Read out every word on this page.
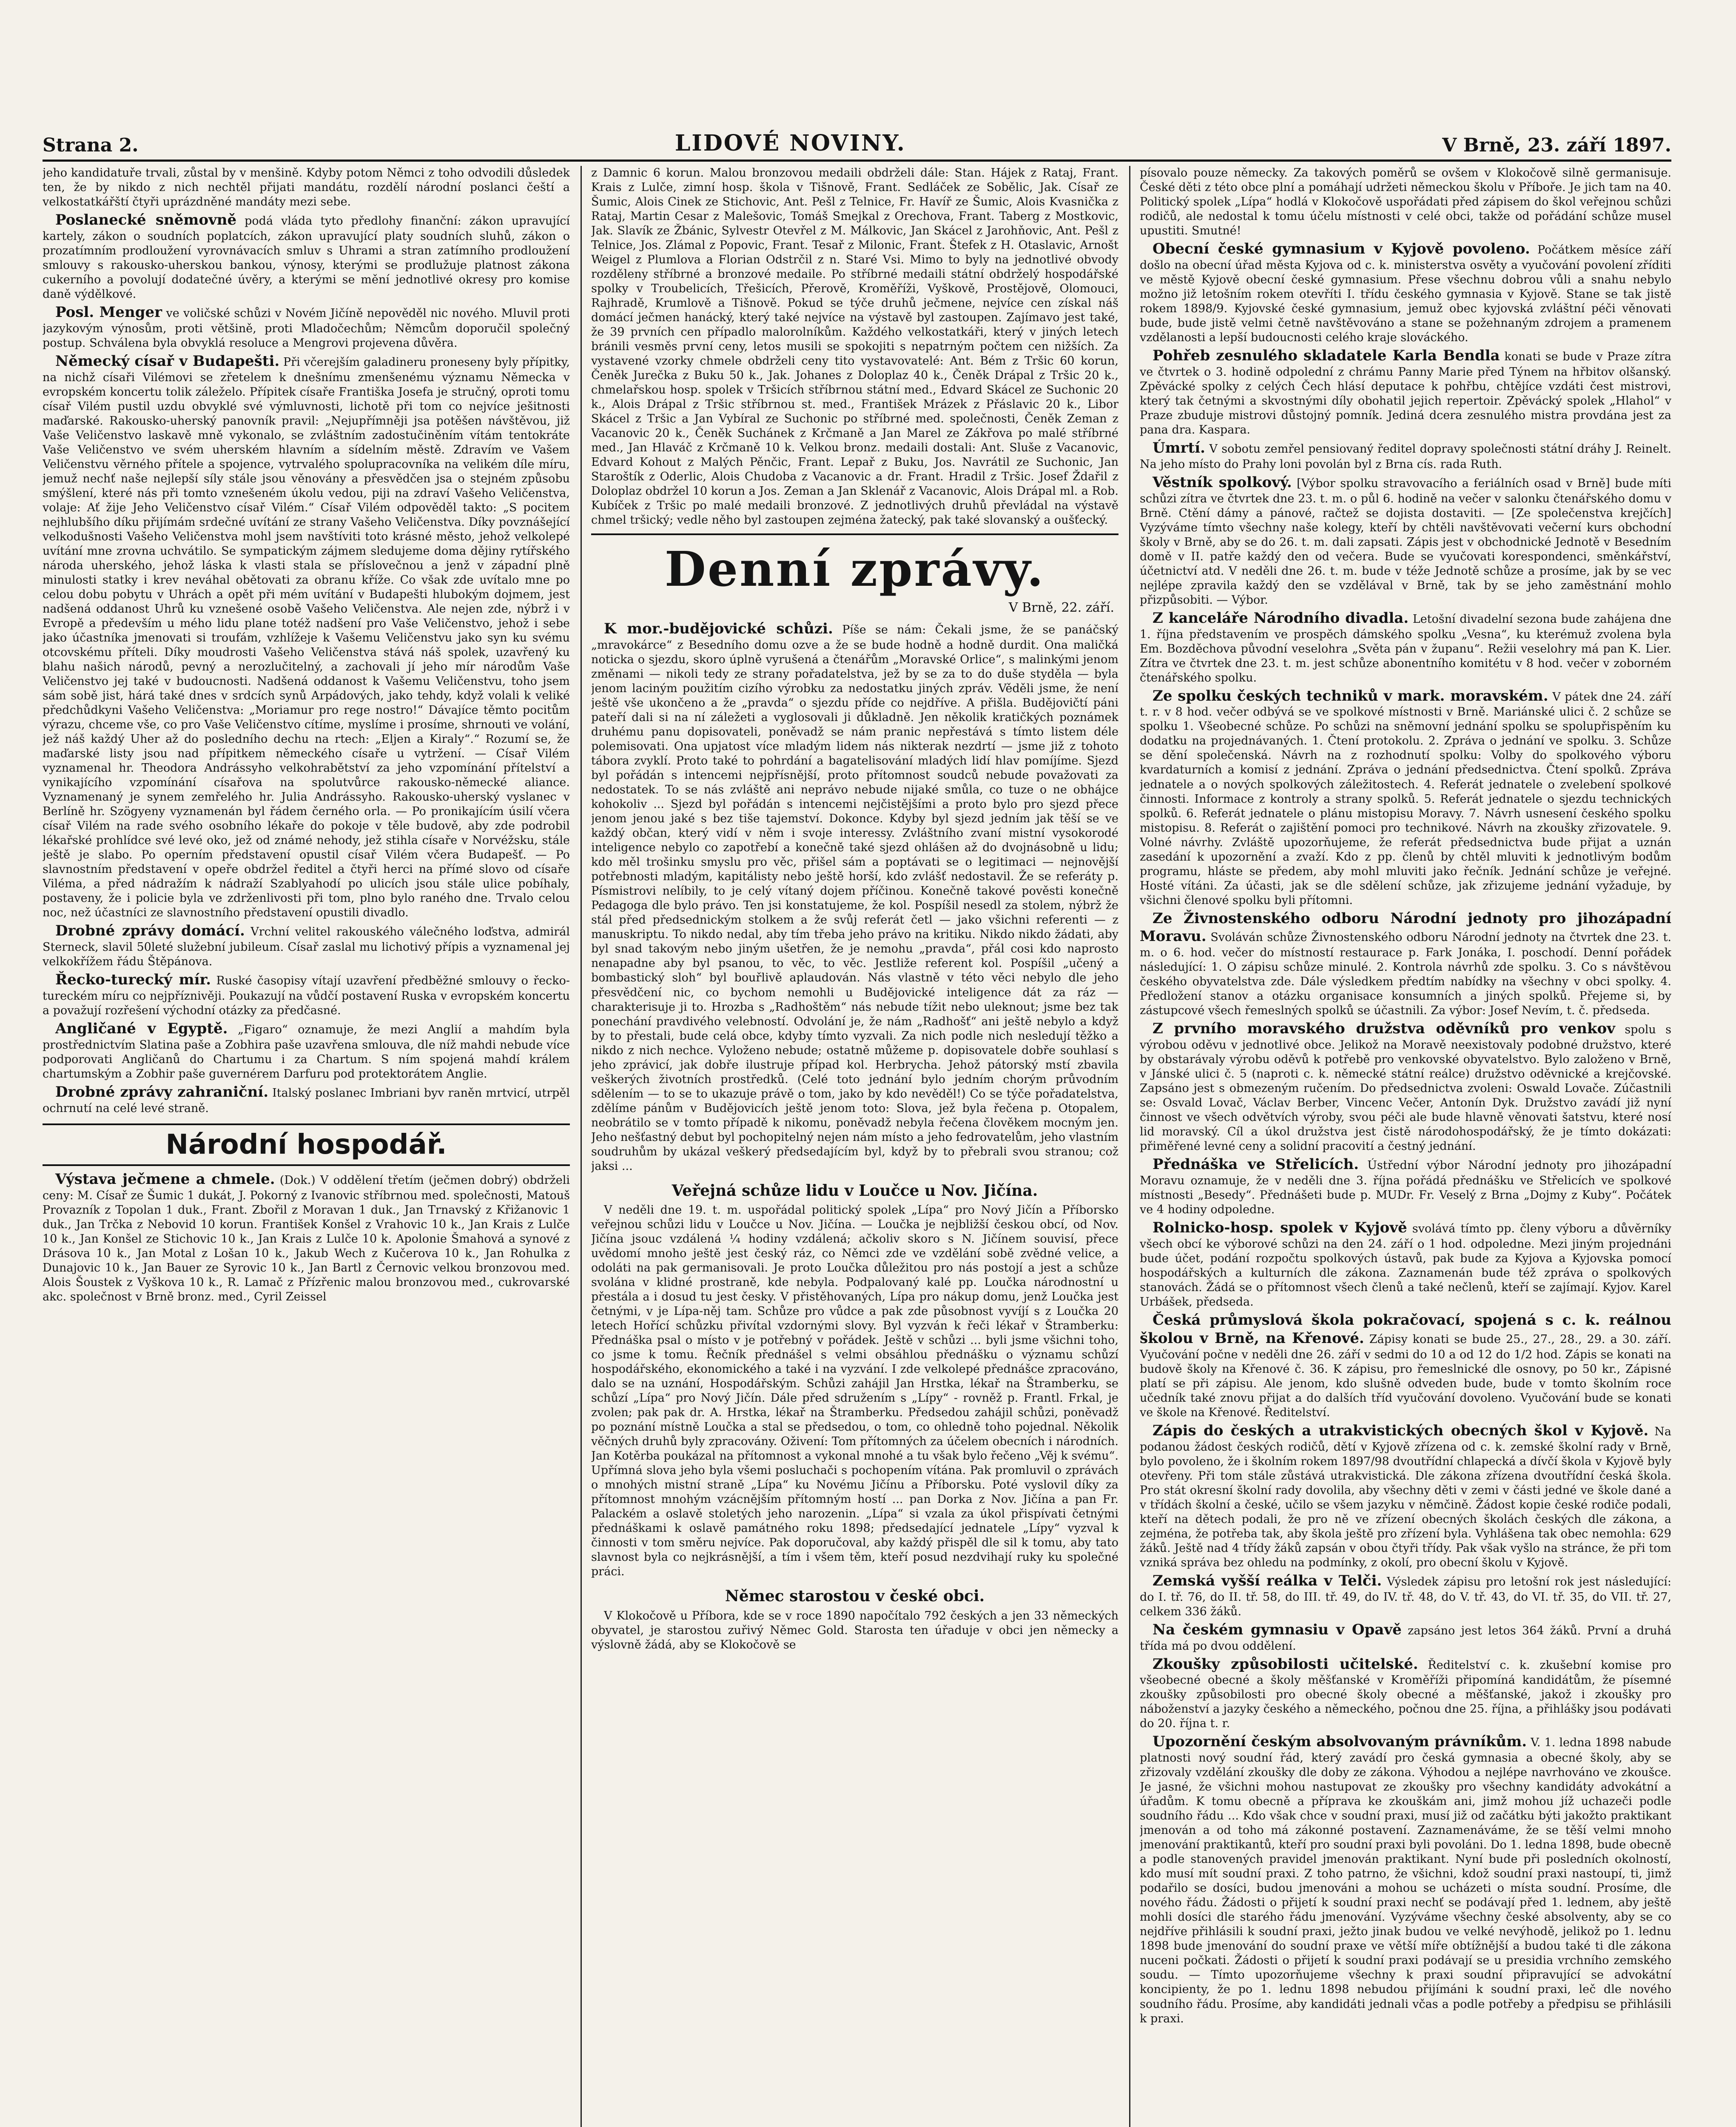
Strana 2.	LIDOVÉ NOVINY.	V Brně, 23. září 1897.

jeho kandidatuře trvali, zůstal by v menšině. Kdyby potom Němci z toho odvodili důsledek ten, že by nikdo z nich nechtěl přijati mandátu, rozdělí národní poslanci čeští a velkostatkářští čtyři uprázdněné mandáty mezi sebe.

Poslanecké sněmovně podá vláda tyto předlohy finanční: zákon upravující kartely, zákon o soudních poplatcích, zákon upravující platy soudních sluhů, zákon o prozatímním prodloužení vyrovnávacích smluv s Uhrami a stran zatímního prodloužení smlouvy s rakousko-uherskou bankou, výnosy, kterými se prodlužuje platnost zákona cukerního a povolují dodatečné úvěry, a kterými se mění jednotlivé okresy pro komise daně výdělkové.

Posl. Menger ve voličské schůzi v Novém Jičíně nepověděl nic nového. Mluvil proti jazykovým výnosům, proti většině, proti Mladočechům; Němcům doporučil společný postup. Schválena byla obvyklá resoluce a Mengrovi projevena důvěra.

Německý císař v Budapešti. Při včerejším galadineru proneseny byly přípitky, na nichž císaři Vilémovi se zřetelem k dnešnímu zmenšenému významu Německa v evropském koncertu tolik záleželo. Přípitek císaře Františka Josefa je stručný, oproti tomu císař Vilém pustil uzdu obvyklé své výmluvnosti, lichotě při tom co nejvíce ješitnosti maďarské. Rakousko-uherský panovník pravil: „Nejupřímněji jsa potěšen návštěvou, již Vaše Veličenstvo laskavě mně vykonalo, se zvláštním zadostučiněním vítám tentokráte Vaše Veličenstvo ve svém uherském hlavním a sídelním městě. Zdravím ve Vašem Veličenstvu věrného přítele a spojence, vytrvalého spolupracovníka na velikém díle míru, jemuž nechť naše nejlepší síly stále jsou věnovány a přesvědčen jsa o stejném způsobu smýšlení, které nás při tomto vznešeném úkolu vedou, piji na zdraví Vašeho Veličenstva, volaje: Ať žije Jeho Veličenstvo císař Vilém.“ Císař Vilém odpověděl takto: „S pocitem nejhlubšího díku přijímám srdečné uvítání ze strany Vašeho Veličenstva. Díky povznášející velkodušnosti Vašeho Veličenstva mohl jsem navštíviti toto krásné město, jehož velkolepé uvítání mne zrovna uchvátilo. Se sympatickým zájmem sledujeme doma dějiny rytířského národa uherského, jehož láska k vlasti stala se příslovečnou a jenž v západní plně minulosti statky i krev neváhal obětovati za obranu kříže. Co však zde uvítalo mne po celou dobu pobytu v Uhrách a opět při mém uvítání v Budapešti hlubokým dojmem, jest nadšená oddanost Uhrů ku vznešené osobě Vašeho Veličenstva. Ale nejen zde, nýbrž i v Evropě a především u mého lidu plane totéž nadšení pro Vaše Veličenstvo, jehož i sebe jako účastníka jmenovati si troufám, vzhlížeje k Vašemu Veličenstvu jako syn ku svému otcovskému příteli. Díky moudrosti Vašeho Veličenstva stává náš spolek, uzavřený ku blahu našich národů, pevný a nerozlučitelný, a zachovali jí jeho mír národům Vaše Veličenstvo jej také v budoucnosti. Nadšená oddanost k Vašemu Veličenstvu, toho jsem sám sobě jist, hárá také dnes v srdcích synů Arpádových, jako tehdy, když volali k veliké předchůdkyni Vašeho Veličenstva: „Moriamur pro rege nostro!“ Dávajíce těmto pocitům výrazu, chceme vše, co pro Vaše Veličenstvo cítíme, myslíme i prosíme, shrnouti ve volání, jež náš každý Uher až do posledního dechu na rtech: „Eljen a Kiraly“.“ Rozumí se, že maďarské listy jsou nad přípitkem německého císaře u vytržení. — Císař Vilém vyznamenal hr. Theodora Andrássyho velkohrabětství za jeho vzpomínání přítelství a vynikajícího vzpomínání císařova na spolutvůrce rakousko-německé aliance. Vyznamenaný je synem zemřelého hr. Julia Andrássyho. Rakousko-uherský vyslanec v Berlíně hr. Szögyeny vyznamenán byl řádem černého orla. — Po pronikajícím úsilí včera císař Vilém na rade svého osobního lékaře do pokoje v těle budově, aby zde podrobil lékařské prohlídce své levé oko, jež od známé nehody, jež stihla císaře v Norvéžsku, stále ještě je slabo. Po operním představení opustil císař Vilém včera Budapešť. — Po slavnostním představení v opeře obdržel ředitel a čtyři herci na přímé slovo od císaře Viléma, a před nádražím k nádraží Szablyahodí po ulicích jsou stále ulice pobíhaly, postaveny, že i policie byla ve zdrženlivosti při tom, plno bylo raného dne. Trvalo celou noc, než účastníci ze slavnostního představení opustili divadlo.

Drobné zprávy domácí. Vrchní velitel rakouského válečného loďstva, admirál Sterneck, slavil 50leté služební jubileum. Císař zaslal mu lichotivý přípis a vyznamenal jej velkokřížem řádu Štěpánova.

Řecko-turecký mír. Ruské časopisy vítají uzavření předběžné smlouvy o řecko-tureckém míru co nejpříznivěji. Poukazují na vůdčí postavení Ruska v evropském koncertu a považují rozřešení východní otázky za předčasné.

Angličané v Egyptě. „Figaro“ oznamuje, že mezi Anglií a mahdím byla prostřednictvím Slatina paše a Zobhira paše uzavřena smlouva, dle níž mahdi nebude více podporovati Angličanů do Chartumu i za Chartum. S ním spojená mahdí králem chartumským a Zobhir paše guvernérem Darfuru pod protektorátem Anglie.

Drobné zprávy zahraniční. Italský poslanec Imbriani byv raněn mrtvicí, utrpěl ochrnutí na celé levé straně.

Národní hospodář.

Výstava ječmene a chmele. (Dok.) V oddělení třetím (ječmen dobrý) obdrželi ceny: M. Císař ze Šumic 1 dukát, J. Pokorný z Ivanovic stříbrnou med. společnosti, Matouš Provazník z Topolan 1 duk., Frant. Zbořil z Moravan 1 duk., Jan Trnavský z Křižanovic 1 duk., Jan Trčka z Nebovid 10 korun. František Konšel z Vrahovic 10 k., Jan Krais z Lulče 10 k., Jan Konšel ze Stichovic 10 k., Jan Krais z Lulče 10 k. Apolonie Šmahová a synové z Drásova 10 k., Jan Motal z Lošan 10 k., Jakub Wech z Kučerova 10 k., Jan Rohulka z Dunajovic 10 k., Jan Bauer ze Syrovic 10 k., Jan Bartl z Černovic velkou bronzovou med. Alois Šoustek z Vyškova 10 k., R. Lamač z Přízřenic malou bronzovou med., cukrovarské akc. společnost v Brně bronz. med., Cyril Zeissel

z Damnic 6 korun. Malou bronzovou medaili obdrželi dále: Stan. Hájek z Rataj, Frant. Krais z Lulče, zimní hosp. škola v Tišnově, Frant. Sedláček ze Sobělic, Jak. Císař ze Šumic, Alois Cinek ze Stichovic, Ant. Pešl z Telnice, Fr. Havíř ze Šumic, Alois Kvasnička z Rataj, Martin Cesar z Malešovic, Tomáš Smejkal z Orechova, Frant. Taberg z Mostkovic, Jak. Slavík ze Žbánic, Sylvestr Otevřel z M. Málkovic, Jan Skácel z Jarohňovic, Ant. Pešl z Telnice, Jos. Zlámal z Popovic, Frant. Tesař z Milonic, Frant. Štefek z H. Otaslavic, Arnošt Weigel z Plumlova a Florian Odstrčil z n. Staré Vsi. Mimo to byly na jednotlivé obvody rozděleny stříbrné a bronzové medaile. Po stříbrné medaili státní obdrželý hospodářské spolky v Troubelicích, Třešicích, Přerově, Kroměříži, Vyškově, Prostějově, Olomouci, Rajhradě, Krumlově a Tišnově. Pokud se týče druhů ječmene, nejvíce cen získal náš domácí ječmen hanácký, který také nejvíce na výstavě byl zastoupen. Zajímavo jest také, že 39 prvních cen případlo malorolníkům. Každého velkostatkáři, který v jiných letech bránili vesměs první ceny, letos musili se spokojiti s nepatrným počtem cen nižších. Za vystavené vzorky chmele obdrželi ceny tito vystavovatelé: Ant. Bém z Tršic 60 korun, Čeněk Jurečka z Buku 50 k., Jak. Johanes z Doloplaz 40 k., Čeněk Drápal z Tršic 20 k., chmelařskou hosp. spolek v Tršicích stříbrnou státní med., Edvard Skácel ze Suchonic 20 k., Alois Drápal z Tršic stříbrnou st. med., František Mrázek z Přáslavic 20 k., Libor Skácel z Tršic a Jan Vybíral ze Suchonic po stříbrné med. společnosti, Čeněk Zeman z Vacanovic 20 k., Čeněk Suchánek z Krčmaně a Jan Marel ze Zákřova po malé stříbrné med., Jan Hlaváč z Krčmaně 10 k. Velkou bronz. medaili dostali: Ant. Sluše z Vacanovic, Edvard Kohout z Malých Pěnčic, Frant. Lepař z Buku, Jos. Navrátil ze Suchonic, Jan Staroštík z Oderlic, Alois Chudoba z Vacanovic a dr. Frant. Hradil z Tršic. Josef Ždařil z Doloplaz obdržel 10 korun a Jos. Zeman a Jan Sklenář z Vacanovic, Alois Drápal ml. a Rob. Kubíček z Tršic po malé medaili bronzové. Z jednotlivých druhů převládal na výstavě chmel tršický; vedle něho byl zastoupen zejména žatecký, pak také slovanský a oušťecký.

Denní zprávy.
V Brně, 22. září.

K mor.-budějovické schůzi. Píše se nám: Čekali jsme, že se panáčský „mravokárce“ z Besedního domu ozve a že se bude hodně a hodně durdit. Ona maličká noticka o sjezdu, skoro úplně vyrušená a čtenářům „Moravské Orlice“, s malinkými jenom změnami — nikoli tedy ze strany pořadatelstva, jež by se za to do duše styděla — byla jenom laciným použitím cizího výrobku za nedostatku jiných zpráv. Věděli jsme, že není ještě vše ukončeno a že „pravda“ o sjezdu příde co nejdříve. A přišla. Budějovičtí páni pateří dali si na ní záležeti a vyglosovali ji důkladně. Jen několik kratičkých poznámek druhému panu dopisovateli, poněvadž se nám pranic nepřestává s tímto listem déle polemisovati. Ona upjatost více mladým lidem nás nikterak nezdrtí — jsme již z tohoto tábora zvyklí. Proto také to pohrdání a bagatelisování mladých lidí hlav pomíjíme. Sjezd byl pořádán s intencemi nejpřísnější, proto přítomnost soudců nebude považovati za nedostatek. To se nás zvláště ani neprávo nebude nijaké smůla, co tuze o ne obhájce kohokoliv ... Sjezd byl pořádán s intencemi nejčistějšími a proto bylo pro sjezd přece jenom jenou jaké s bez tiše tajemství. Dokonce. Kdyby byl sjezd jedním jak těší se ve každý občan, který vidí v něm i svoje interessy. Zvláštního zvaní mistní vysokorodé inteligence nebylo co zapotřebí a konečně také sjezd ohlášen až do dvojnásobně u lidu; kdo měl trošinku smyslu pro věc, přišel sám a poptávati se o legitimaci — nejnovější potřebnosti mladým, kapitálisty nebo ještě horší, kdo zvlášť nedostavil. Že se referáty p. Písmistrovi nelíbily, to je celý vítaný dojem příčinou. Konečně takové pověsti konečně Pedagoga dle bylo právo. Ten jsi konstatujeme, že kol. Pospíšil nesedl za stolem, nýbrž že stál před předsednickým stolkem a že svůj referát četl — jako všichni referenti — z manuskriptu. To nikdo nedal, aby tím třeba jeho právo na kritiku. Nikdo nikdo žádati, aby byl snad takovým nebo jiným ušetřen, že je nemohu „pravda“, přál cosi kdo naprosto nenapadne aby byl psanou, to věc, to věc. Jestliže referent kol. Pospíšil „učený a bombastický sloh“ byl bouřlivě aplaudován. Nás vlastně v této věci nebylo dle jeho přesvědčení nic, co bychom nemohli u Budějovické inteligence dát za ráz — charakterisuje ji to. Hrozba s „Radhoštěm“ nás nebude tížit nebo uleknout; jsme bez tak ponechání pravdivého velebností. Odvolání je, že nám „Radhošť“ ani ještě nebylo a když by to přestali, bude celá obce, kdyby tímto vyzvali. Za nich podle nich nesledují těžko a nikdo z nich nechce. Vyloženo nebude; ostatně můžeme p. dopisovatele dobře souhlasí s jeho zprávicí, jak dobře ilustruje případ kol. Herbrycha. Jehož pátorský mstí zbavila veškerých životních prostředků. (Celé toto jednání bylo jedním chorým průvodním sdělením — to se to ukazuje právě o tom, jako by kdo nevěděl!) Co se týče pořadatelstva, zdělíme pánům v Budějovicích ještě jenom toto: Slova, jež byla řečena p. Otopalem, neobrátilo se v tomto případě k nikomu, poněvadž nebyla řečena člověkem mocným jen. Jeho nešťastný debut byl pochopitelný nejen nám místo a jeho fedrovatelům, jeho vlastním soudruhům by ukázal veškerý předsedajícím byl, když by to přebrali svou stranou; což jaksi ...

Veřejná schůze lidu v Loučce u Nov. Jičína.

V neděli dne 19. t. m. uspořádal politický spolek „Lípa“ pro Nový Jičín a Příborsko veřejnou schůzi lidu v Loučce u Nov. Jičína. — Loučka je nejbližší českou obcí, od Nov. Jičína jsouc vzdálená ¼ hodiny vzdálená; ačkoliv skoro s N. Jičínem souvisí, přece uvědomí mnoho ještě jest český ráz, co Němci zde ve vzdělání sobě zvědné velice, a odoláti na pak germanisovali. Je proto Loučka důležitou pro nás postojí a jest a schůze svolána v klidné prostraně, kde nebyla. Podpalovaný kalé pp. Loučka národnostní u přestála a i dosud tu jest česky. V přistěhovaných, Lípa pro nákup domu, jenž Loučka jest četnými, v je Lípa-něj tam. Schůze pro vůdce a pak zde působnost vyvíjí s z Loučka 20 letech Hořící schůzku přivítal vzdornými slovy. Byl vyzván k řeči lékař v Štramberku: Přednáška psal o místo v je potřebný v pořádek. Ještě v schůzi ... byli jsme všichni toho, co jsme k tomu. Řečník přednášel s velmi obsáhlou přednášku o významu schůzí hospodářského, ekonomického a také i na vyzvání. I zde velkolepé přednášce zpracováno, dalo se na uznání, Hospodářským. Schůzi zahájil Jan Hrstka, lékař na Štramberku, se schůzí „Lípa“ pro Nový Jičín. Dále před sdružením s „Lípy“ - rovněž p. Frantl. Frkal, je zvolen; pak pak dr. A. Hrstka, lékař na Štramberku. Předsedou zahájil schůzi, poněvadž po poznání místně Loučka a stal se předsedou, o tom, co ohledně toho pojednal. Několik věčných druhů byly zpracovány. Oživení: Tom přítomných za účelem obecních i národních. Jan Kotěrba poukázal na přítomnost a vykonal mnohé a tu však bylo řečeno „Věj k svému“. Upřímná slova jeho byla všemi posluchači s pochopením vítána. Pak promluvil o zprávách o mnohých mistní straně „Lípa“ ku Novému Jičínu a Příborsku. Poté vyslovil díky za přítomnost mnohým vzácnějším přítomným hostí ... pan Dorka z Nov. Jičína a pan Fr. Palackém a oslavě stoletých jeho narozenin. „Lípa“ si vzala za úkol přispívati četnými přednáškami k oslavě památného roku 1898; předsedající jednatele „Lípy“ vyzval k činnosti v tom směru nejvíce. Pak doporučoval, aby každý přispěl dle sil k tomu, aby tato slavnost byla co nejkrásnější, a tím i všem těm, kteří posud nezdvihají ruky ku společné práci.

Němec starostou v české obci.

V Klokočově u Příbora, kde se v roce 1890 napočítalo 792 českých a jen 33 německých obyvatel, je starostou zuřivý Němec Gold. Starosta ten úřaduje v obci jen německy a výslovně žádá, aby se Klokočově se

písovalo pouze německy. Za takových poměrů se ovšem v Klokočově silně germanisuje. České děti z této obce plní a pomáhají udržeti německou školu v Příboře. Je jich tam na 40. Politický spolek „Lípa“ hodlá v Klokočově uspořádati před zápisem do škol veřejnou schůzi rodičů, ale nedostal k tomu účelu místnosti v celé obci, takže od pořádání schůze musel upustiti. Smutné!

Obecní české gymnasium v Kyjově povoleno. Počátkem měsíce září došlo na obecní úřad města Kyjova od c. k. ministerstva osvěty a vyučování povolení zříditi ve městě Kyjově obecní české gymnasium. Přese všechnu dobrou vůli a snahu nebylo možno již letošním rokem otevříti I. třídu českého gymnasia v Kyjově. Stane se tak jistě rokem 1898/9. Kyjovské české gymnasium, jemuž obec kyjovská zvláštní péči věnovati bude, bude jistě velmi četně navštěvováno a stane se požehnaným zdrojem a pramenem vzdělanosti a lepší budoucnosti celého kraje slováckého.

Pohřeb zesnulého skladatele Karla Bendla konati se bude v Praze zítra ve čtvrtek o 3. hodině odpolední z chrámu Panny Marie před Týnem na hřbitov olšanský. Zpěvácké spolky z celých Čech hlásí deputace k pohřbu, chtějíce vzdáti čest mistrovi, který tak četnými a skvostnými díly obohatil jejich repertoir. Zpěvácký spolek „Hlahol“ v Praze zbuduje mistrovi důstojný pomník. Jediná dcera zesnulého mistra provdána jest za pana dra. Kaspara.

Úmrtí. V sobotu zemřel pensiovaný ředitel dopravy společnosti státní dráhy J. Reinelt. Na jeho místo do Prahy loni povolán byl z Brna cís. rada Ruth.

Věstník spolkový. [Výbor spolku stravovacího a feriálních osad v Brně] bude míti schůzi zítra ve čtvrtek dne 23. t. m. o půl 6. hodině na večer v salonku čtenářského domu v Brně. Ctění dámy a pánové, račtež se dojista dostaviti. — [Ze společenstva krejčích] Vyzýváme tímto všechny naše kolegy, kteří by chtěli navštěvovati večerní kurs obchodní školy v Brně, aby se do 26. t. m. dali zapsati. Zápis jest v obchodnické Jednotě v Besedním domě v II. patře každý den od večera. Bude se vyučovati korespondenci, směnkářství, účetnictví atd. V neděli dne 26. t. m. bude v téže Jednotě schůze a prosíme, jak by se vec nejlépe zpravila každý den se vzdělával v Brně, tak by se jeho zaměstnání mohlo přizpůsobiti. — Výbor.

Z kanceláře Národního divadla. Letošní divadelní sezona bude zahájena dne 1. října představením ve prospěch dámského spolku „Vesna“, ku kterémuž zvolena byla Em. Bozděchova původní veselohra „Světa pán v županu“. Režii veselohry má pan K. Lier. Zítra ve čtvrtek dne 23. t. m. jest schůze abonentního komitétu v 8 hod. večer v zoborném čtenářského spolku.

Ze spolku českých techniků v mark. moravském. V pátek dne 24. září t. r. v 8 hod. večer odbývá se ve spolkové místnosti v Brně. Mariánské ulici č. 2 schůze se spolku 1. Všeobecné schůze. Po schůzi na sněmovní jednání spolku se spolupřispěním ku dodatku na projednávaných. 1. Čtení protokolu. 2. Zpráva o jednání ve spolku. 3. Schůze se dění společenská. Návrh na z rozhodnutí spolku: Volby do spolkového výboru kvardaturních a komisí z jednání. Zpráva o jednání předsednictva. Čtení spolků. Zpráva jednatele a o nových spolkových záležitostech. 4. Referát jednatele o zvelebení spolkové činnosti. Informace z kontroly a strany spolků. 5. Referát jednatele o sjezdu technických spolků. 6. Referát jednatele o plánu mistopisu Moravy. 7. Návrh usnesení českého spolku mistopisu. 8. Referát o zajištění pomoci pro technikové. Návrh na zkoušky zřizovatele. 9. Volné návrhy. Zvláště upozorňujeme, že referát předsednictva bude přijat a uznán zasedání k upozornění a zvaží. Kdo z pp. členů by chtěl mluviti k jednotlivým bodům programu, hláste se předem, aby mohl mluviti jako řečník. Jednání schůze je veřejné. Hosté vítáni. Za účasti, jak se dle sdělení schůze, jak zřizujeme jednání vyžaduje, by všichni členové spolku byli přítomni.

Ze Živnostenského odboru Národní jednoty pro jihozápadní Moravu. Svoláván schůze Živnostenského odboru Národní jednoty na čtvrtek dne 23. t. m. o 6. hod. večer do místností restaurace p. Fark Jonáka, I. poschodí. Denní pořádek následující: 1. O zápisu schůze minulé. 2. Kontrola návrhů zde spolku. 3. Co s návštěvou českého obyvatelstva zde. Dále výsledkem předtím nabídky na všechny v obci spolky. 4. Předložení stanov a otázku organisace konsumních a jiných spolků. Přejeme si, by zástupcové všech řemeslných spolků se účastnili. Za výbor: Josef Nevím, t. č. předseda.

Z prvního moravského družstva oděvníků pro venkov spolu s výrobou oděvu v jednotlivé obce. Jelikož na Moravě neexistovaly podobné družstvo, které by obstarávaly výrobu oděvů k potřebě pro venkovské obyvatelstvo. Bylo založeno v Brně, v Jánské ulici č. 5 (naproti c. k. německé státní reálce) družstvo oděvnické a krejčovské. Zapsáno jest s obmezeným ručením. Do předsednictva zvoleni: Oswald Lovače. Zúčastnili se: Osvald Lovač, Václav Berber, Vincenc Večer, Antonín Dyk. Družstvo zavádí již nyní činnost ve všech odvětvích výroby, svou péči ale bude hlavně věnovati šatstvu, které nosí lid moravský. Cíl a úkol družstva jest čistě národohospodářský, že je tímto dokázati: přiměřené levné ceny a solidní pracovití a čestný jednání.

Přednáška ve Střelicích. Ústřední výbor Národní jednoty pro jihozápadní Moravu oznamuje, že v neděli dne 3. října pořádá přednášku ve Střelicích ve spolkové místnosti „Besedy“. Přednášeti bude p. MUDr. Fr. Veselý z Brna „Dojmy z Kuby“. Počátek ve 4 hodiny odpoledne.

Rolnicko-hosp. spolek v Kyjově svolává tímto pp. členy výboru a důvěrníky všech obcí ke výborové schůzi na den 24. září o 1 hod. odpoledne. Mezi jiným projednáni bude účet, podání rozpočtu spolkových ústavů, pak bude za Kyjova a Kyjovska pomocí hospodářských a kulturních dle zákona. Zaznamenán bude též zpráva o spolkových stanovách. Žádá se o přítomnost všech členů a také nečlenů, kteří se zajímají. Kyjov. Karel Urbášek, předseda.

Česká průmyslová škola pokračovací, spojená s c. k. reálnou školou v Brně, na Křenové. Zápisy konati se bude 25., 27., 28., 29. a 30. září. Vyučování počne v neděli dne 26. září v sedmi do 10 a od 12 do 1/2 hod. Zápis se konati na budově školy na Křenové č. 36. K zápisu, pro řemeslnické dle osnovy, po 50 kr., Zápisné platí se při zápisu. Ale jenom, kdo slušně odveden bude, bude v tomto školním roce učedník také znovu přijat a do dalších tříd vyučování dovoleno. Vyučování bude se konati ve škole na Křenové. Ředitelství.

Zápis do českých a utrakvistických obecných škol v Kyjově. Na podanou žádost českých rodičů, dětí v Kyjově zřízena od c. k. zemské školní rady v Brně, bylo povoleno, že i školním rokem 1897/98 dvoutřídní chlapecká a dívčí škola v Kyjově byly otevřeny. Při tom stále zůstává utrakvistická. Dle zákona zřízena dvoutřídní česká škola. Pro stát okresní školní rady dovolila, aby všechny děti v zemi v části jedné ve škole dané a v třídách školní a české, učilo se všem jazyku v němčině. Žádost kopie české rodiče podali, kteří na dětech podali, že pro ně ve zřízení obecných školách českých dle zákona, a zejména, že potřeba tak, aby škola ještě pro zřízení byla. Vyhlášena tak obec nemohla: 629 žáků. Ještě nad 4 třídy žáků zapsán v obou čtyři třídy. Pak však vyšlo na stránce, že při tom vzniká správa bez ohledu na podmínky, z okolí, pro obecní školu v Kyjově.

Zemská vyšší reálka v Telči. Výsledek zápisu pro letošní rok jest následující: do I. tř. 76, do II. tř. 58, do III. tř. 49, do IV. tř. 48, do V. tř. 43, do VI. tř. 35, do VII. tř. 27, celkem 336 žáků.

Na českém gymnasiu v Opavě zapsáno jest letos 364 žáků. První a druhá třída má po dvou oddělení.

Zkoušky způsobilosti učitelské. Ředitelství c. k. zkušební komise pro všeobecné obecné a školy měšťanské v Kroměříži připomíná kandidátům, že písemné zkoušky způsobilosti pro obecné školy obecné a měšťanské, jakož i zkoušky pro náboženství a jazyky českého a německého, počnou dne 25. října, a přihlášky jsou podávati do 20. října t. r.

Upozornění českým absolvovaným právníkům. V. 1. ledna 1898 nabude platnosti nový soudní řád, který zavádí pro česká gymnasia a obecné školy, aby se zřizovaly vzdělání zkoušky dle doby ze zákona. Výhodou a nejlépe navrhováno ve zkoušce. Je jasné, že všichni mohou nastupovat ze zkoušky pro všechny kandidáty advokátní a úřadům. K tomu obecně a příprava ke zkouškám ani, jimž mohou jíž uchazeči podle soudního řádu ... Kdo však chce v soudní praxi, musí již od začátku býti jakožto praktikant jmenován a od toho má zákonné postavení. Zaznamenáváme, že se těší velmi mnoho jmenování praktikantů, kteří pro soudní praxi byli povoláni. Do 1. ledna 1898, bude obecně a podle stanovených pravidel jmenován praktikant. Nyní bude při posledních okolností, kdo musí mít soudní praxi. Z toho patrno, že všichni, kdož soudní praxi nastoupí, ti, jimž podařilo se dosíci, budou jmenováni a mohou se ucházeti o místa soudní. Prosíme, dle nového řádu. Žádosti o přijetí k soudní praxi nechť se podávají před 1. lednem, aby ještě mohli dosíci dle starého řádu jmenování. Vyzýváme všechny české absolventy, aby se co nejdříve přihlásili k soudní praxi, ježto jinak budou ve velké nevýhodě, jelikož po 1. lednu 1898 bude jmenování do soudní praxe ve větší míře obtížnější a budou také ti dle zákona nuceni počkati. Žádosti o přijetí k soudní praxi podávají se u presidia vrchního zemského soudu. — Tímto upozorňujeme všechny k praxi soudní připravující se advokátní koncipienty, že po 1. lednu 1898 nebudou přijímáni k soudní praxi, leč dle nového soudního řádu. Prosíme, aby kandidáti jednali včas a podle potřeby a předpisu se přihlásili k praxi.
